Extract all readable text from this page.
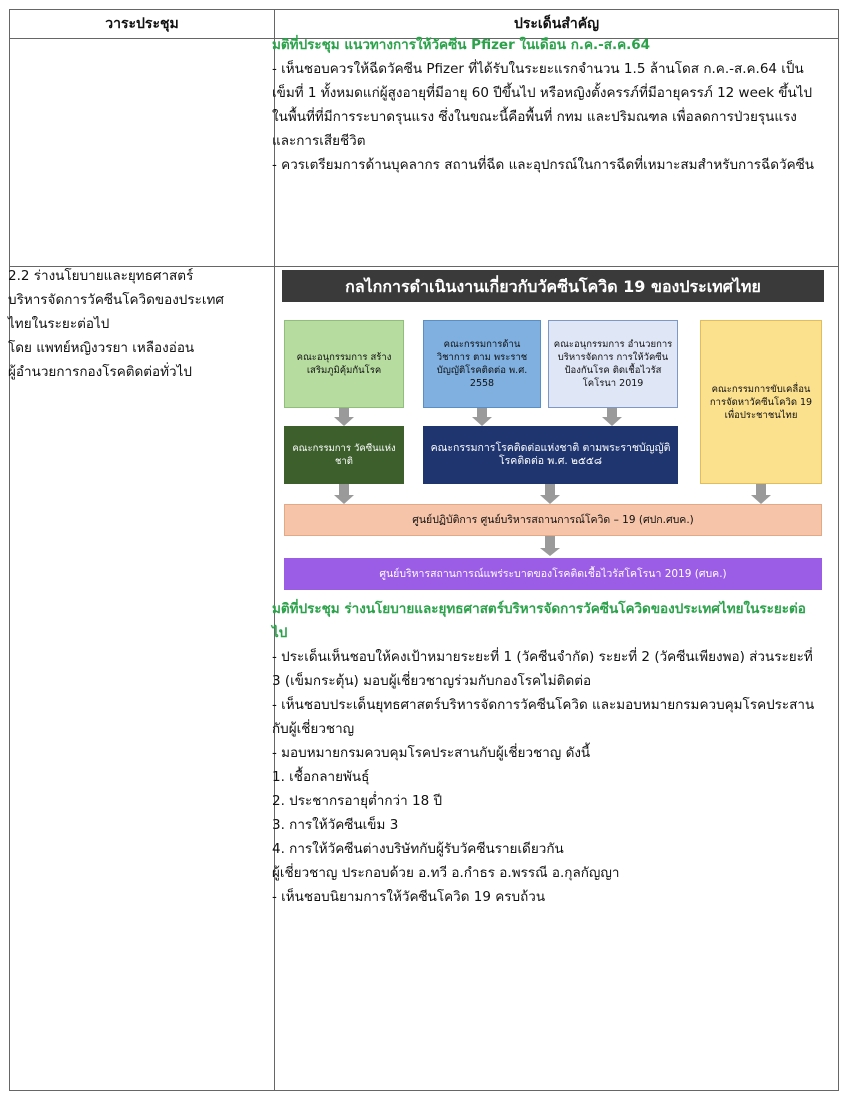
วาระประชุม	ประเด็นสำคัญ

มติที่ประชุม แนวทางการให้วัคซีน Pfizer ในเดือน ก.ค.-ส.ค.64

- เห็นชอบควรให้ฉีดวัคซีน Pfizer ที่ได้รับในระยะแรกจำนวน 1.5 ล้านโดส ก.ค.-ส.ค.64 เป็นเข็มที่ 1 ทั้งหมดแก่ผู้สูงอายุที่มีอายุ 60 ปีขึ้นไป หรือหญิงตั้งครรภ์ที่มีอายุครรภ์ 12 week ขึ้นไป ในพื้นที่ที่มีการระบาดรุนแรง ซึ่งในขณะนี้คือพื้นที่ กทม และปริมณฑล เพื่อลดการป่วยรุนแรงและการเสียชีวิต

- ควรเตรียมการด้านบุคลากร สถานที่ฉีด และอุปกรณ์ในการฉีดที่เหมาะสมสำหรับการฉีดวัคซีน

2.2 ร่างนโยบายและยุทธศาสตร์
บริหารจัดการวัคซีนโควิดของประเทศ
ไทยในระยะต่อไป
โดย แพทย์หญิงวรยา เหลืองอ่อน
ผู้อำนวยการกองโรคติดต่อทั่วไป
กลไกการดำเนินงานเกี่ยวกับวัคซีนโควิด 19 ของประเทศไทย
คณะอนุกรรมการ สร้างเสริมภูมิคุ้มกันโรค
คณะกรรมการด้าน วิชาการ ตาม พระราชบัญญัติโรคติดต่อ พ.ศ. 2558
คณะอนุกรรมการ อำนวยการบริหารจัดการ การให้วัคซีนป้องกันโรค ติดเชื้อไวรัสโคโรนา 2019	คณะกรรมการขับเคลื่อน การจัดหาวัคซีนโควิด 19 เพื่อประชาชนไทย
คณะกรรมการ วัคซีนแห่งชาติ
คณะกรรมการโรคติดต่อแห่งชาติ ตามพระราชบัญญัติโรคติดต่อ พ.ศ. ๒๕๕๘
ศูนย์ปฏิบัติการ ศูนย์บริหารสถานการณ์โควิด – 19 (ศปก.ศบค.)
ศูนย์บริหารสถานการณ์แพร่ระบาดของโรคติดเชื้อไวรัสโคโรนา 2019 (ศบค.)

มติที่ประชุม ร่างนโยบายและยุทธศาสตร์บริหารจัดการวัคซีนโควิดของประเทศไทยในระยะต่อไป

- ประเด็นเห็นชอบให้คงเป้าหมายระยะที่ 1 (วัคซีนจำกัด) ระยะที่ 2 (วัคซีนเพียงพอ) ส่วนระยะที่ 3 (เข็มกระตุ้น) มอบผู้เชี่ยวชาญร่วมกับกองโรคไม่ติดต่อ

- เห็นชอบประเด็นยุทธศาสตร์บริหารจัดการวัคซีนโควิด และมอบหมายกรมควบคุมโรคประสานกับผู้เชี่ยวชาญ

- มอบหมายกรมควบคุมโรคประสานกับผู้เชี่ยวชาญ ดังนี้

1. เชื้อกลายพันธุ์

2. ประชากรอายุต่ำกว่า 18 ปี

3. การให้วัคซีนเข็ม 3

4. การให้วัคซีนต่างบริษัทกับผู้รับวัคซีนรายเดียวกัน

ผู้เชี่ยวชาญ ประกอบด้วย อ.ทวี อ.กำธร อ.พรรณี อ.กุลกัญญา

- เห็นชอบนิยามการให้วัคซีนโควิด 19 ครบถ้วน
